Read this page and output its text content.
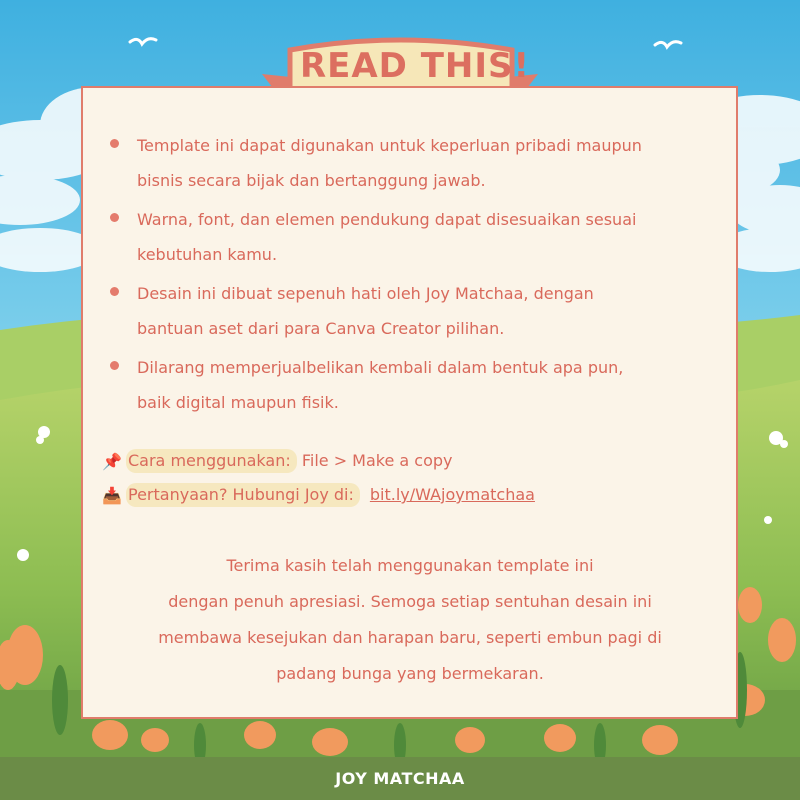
READ THIS!
Template ini dapat digunakan untuk keperluan pribadi maupun
bisnis secara bijak dan bertanggung jawab.
Warna, font, dan elemen pendukung dapat disesuaikan sesuai
kebutuhan kamu.
Desain ini dibuat sepenuh hati oleh Joy Matchaa, dengan
bantuan aset dari para Canva Creator pilihan.
Dilarang memperjualbelikan kembali dalam bentuk apa pun,
baik digital maupun fisik.
📌 Cara menggunakan: File > Make a copy
📥 Pertanyaan? Hubungi Joy di: bit.ly/WAjoymatchaa

Terima kasih telah menggunakan template ini

dengan penuh apresiasi. Semoga setiap sentuhan desain ini

membawa kesejukan dan harapan baru, seperti embun pagi di

padang bunga yang bermekaran.

JOY MATCHAA
